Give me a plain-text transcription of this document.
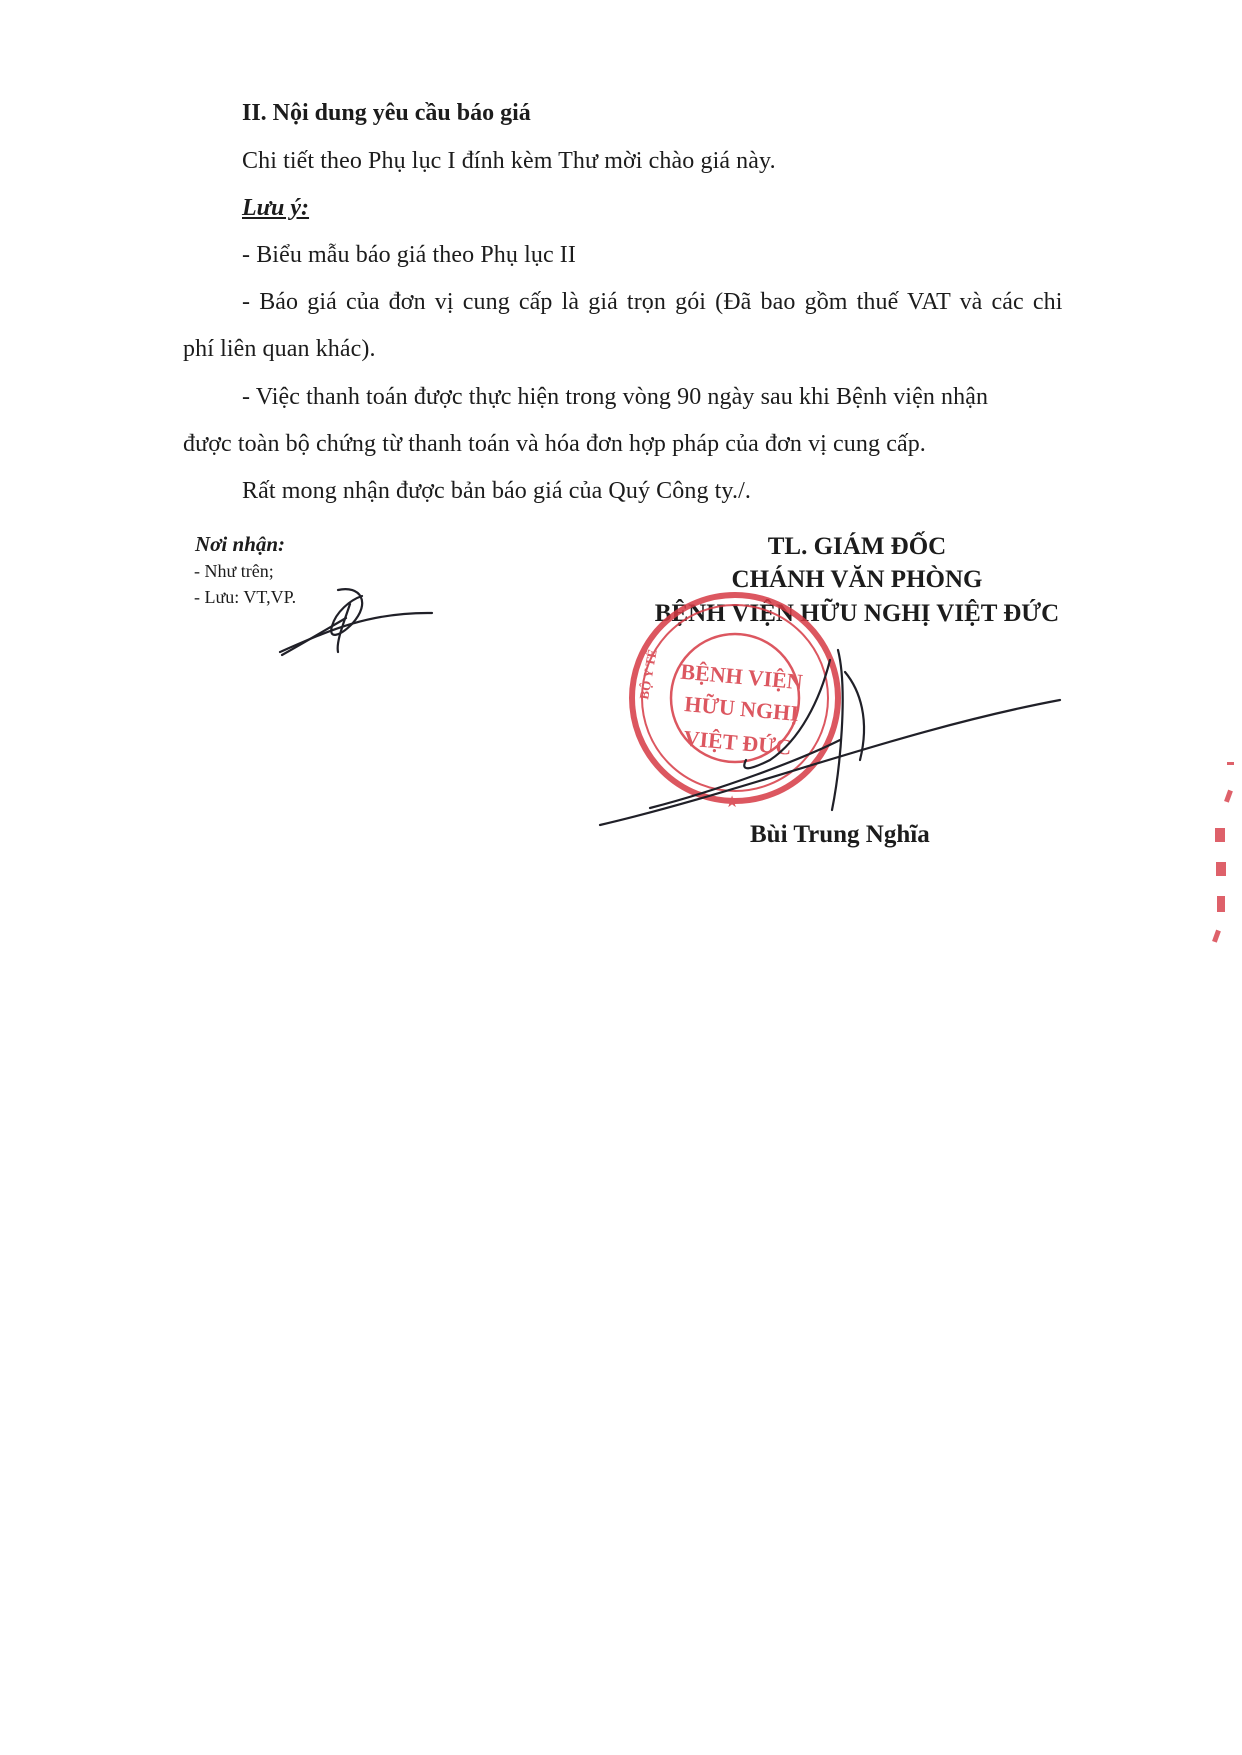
II. Nội dung yêu cầu báo giá
Chi tiết theo Phụ lục I đính kèm Thư mời chào giá này.
Lưu ý:
- Biểu mẫu báo giá theo Phụ lục II
- Báo giá của đơn vị cung cấp là giá trọn gói (Đã bao gồm thuế VAT và các chi
phí liên quan khác).
- Việc thanh toán được thực hiện trong vòng 90 ngày sau khi Bệnh viện nhận
được toàn bộ chứng từ thanh toán và hóa đơn hợp pháp của đơn vị cung cấp.
Rất mong nhận được bản báo giá của Quý Công ty./.
Nơi nhận:
- Như trên;
- Lưu: VT,VP.
TL. GIÁM ĐỐC
CHÁNH VĂN PHÒNG
BỆNH VIỆN HỮU NGHỊ VIỆT ĐỨC
Bùi Trung Nghĩa
BỆNH VIỆN
HỮU NGHỊ
VIỆT ĐỨC
★
BỘ Y TẾ
